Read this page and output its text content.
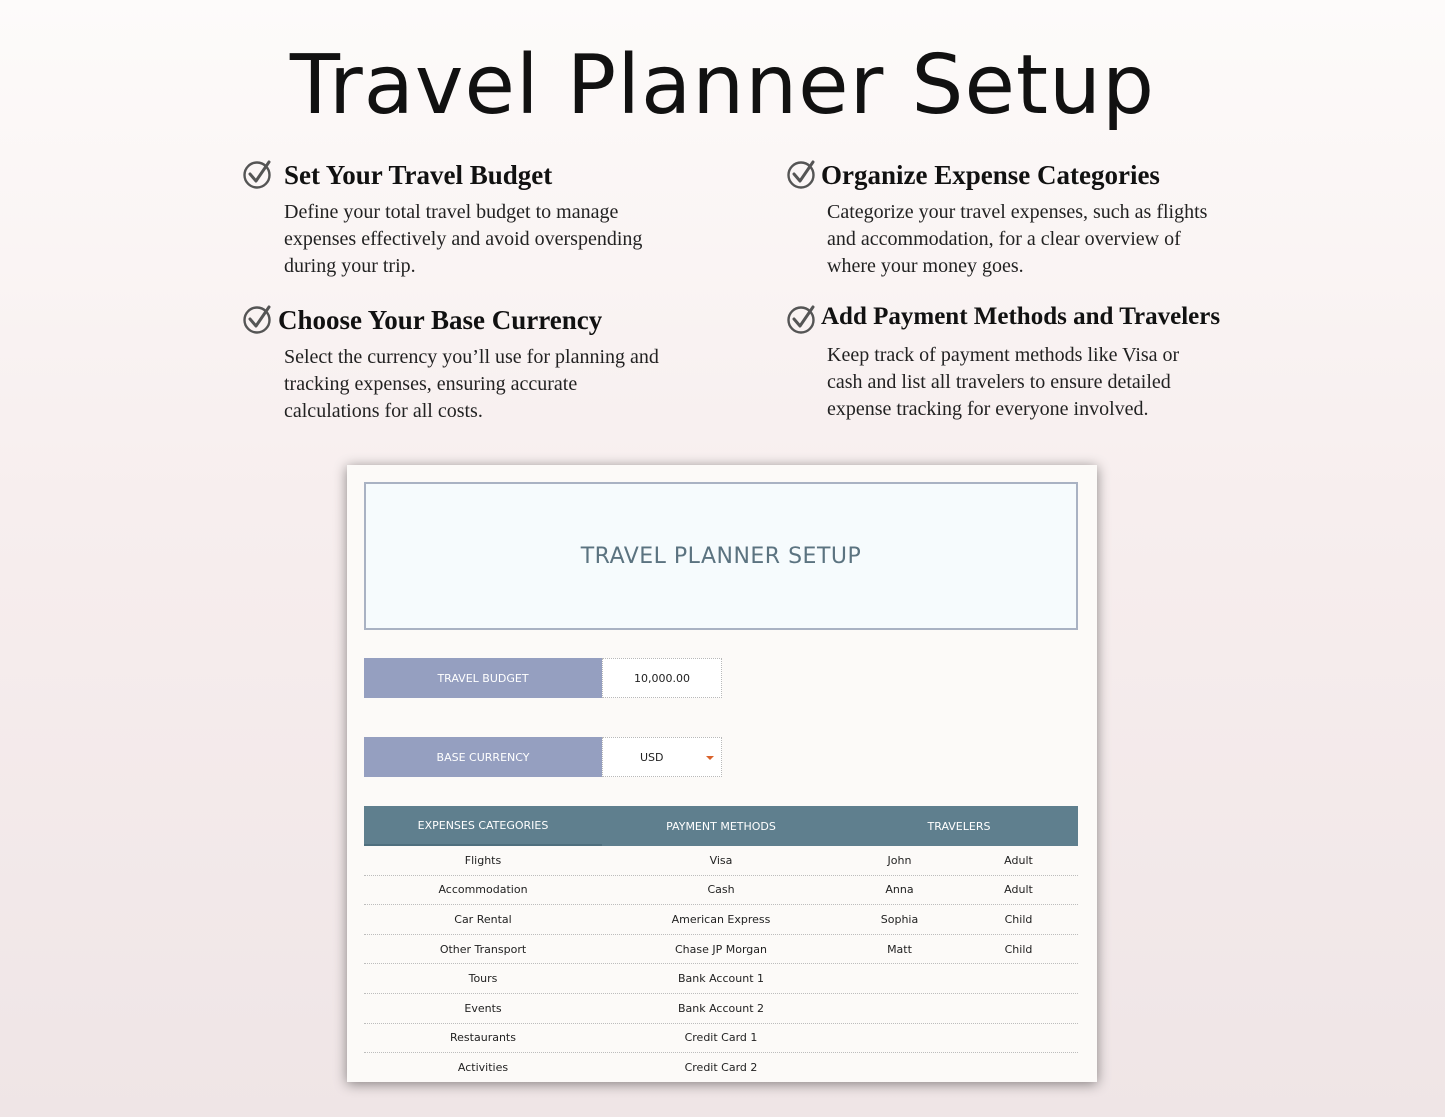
Travel Planner Setup
Set Your Travel Budget

Define your total travel budget to manage expenses effectively and avoid overspending during your trip.

Choose Your Base Currency

Select the currency you’ll use for planning and tracking expenses, ensuring accurate calculations for all costs.

Organize Expense Categories

Categorize your travel expenses, such as flights and accommodation, for a clear overview of where your money goes.

Add Payment Methods and Travelers

Keep track of payment methods like Visa or cash and list all travelers to ensure detailed expense tracking for everyone involved.

TRAVEL PLANNER SETUP
TRAVEL BUDGET	10,000.00
BASE CURRENCY	USD
EXPENSES CATEGORIES	PAYMENT METHODS	TRAVELERS
Flights	Visa	John	Adult
Accommodation	Cash	Anna	Adult
Car Rental	American Express	Sophia	Child
Other Transport	Chase JP Morgan	Matt	Child
Tours	Bank Account 1
Events	Bank Account 2
Restaurants	Credit Card 1
Activities	Credit Card 2
